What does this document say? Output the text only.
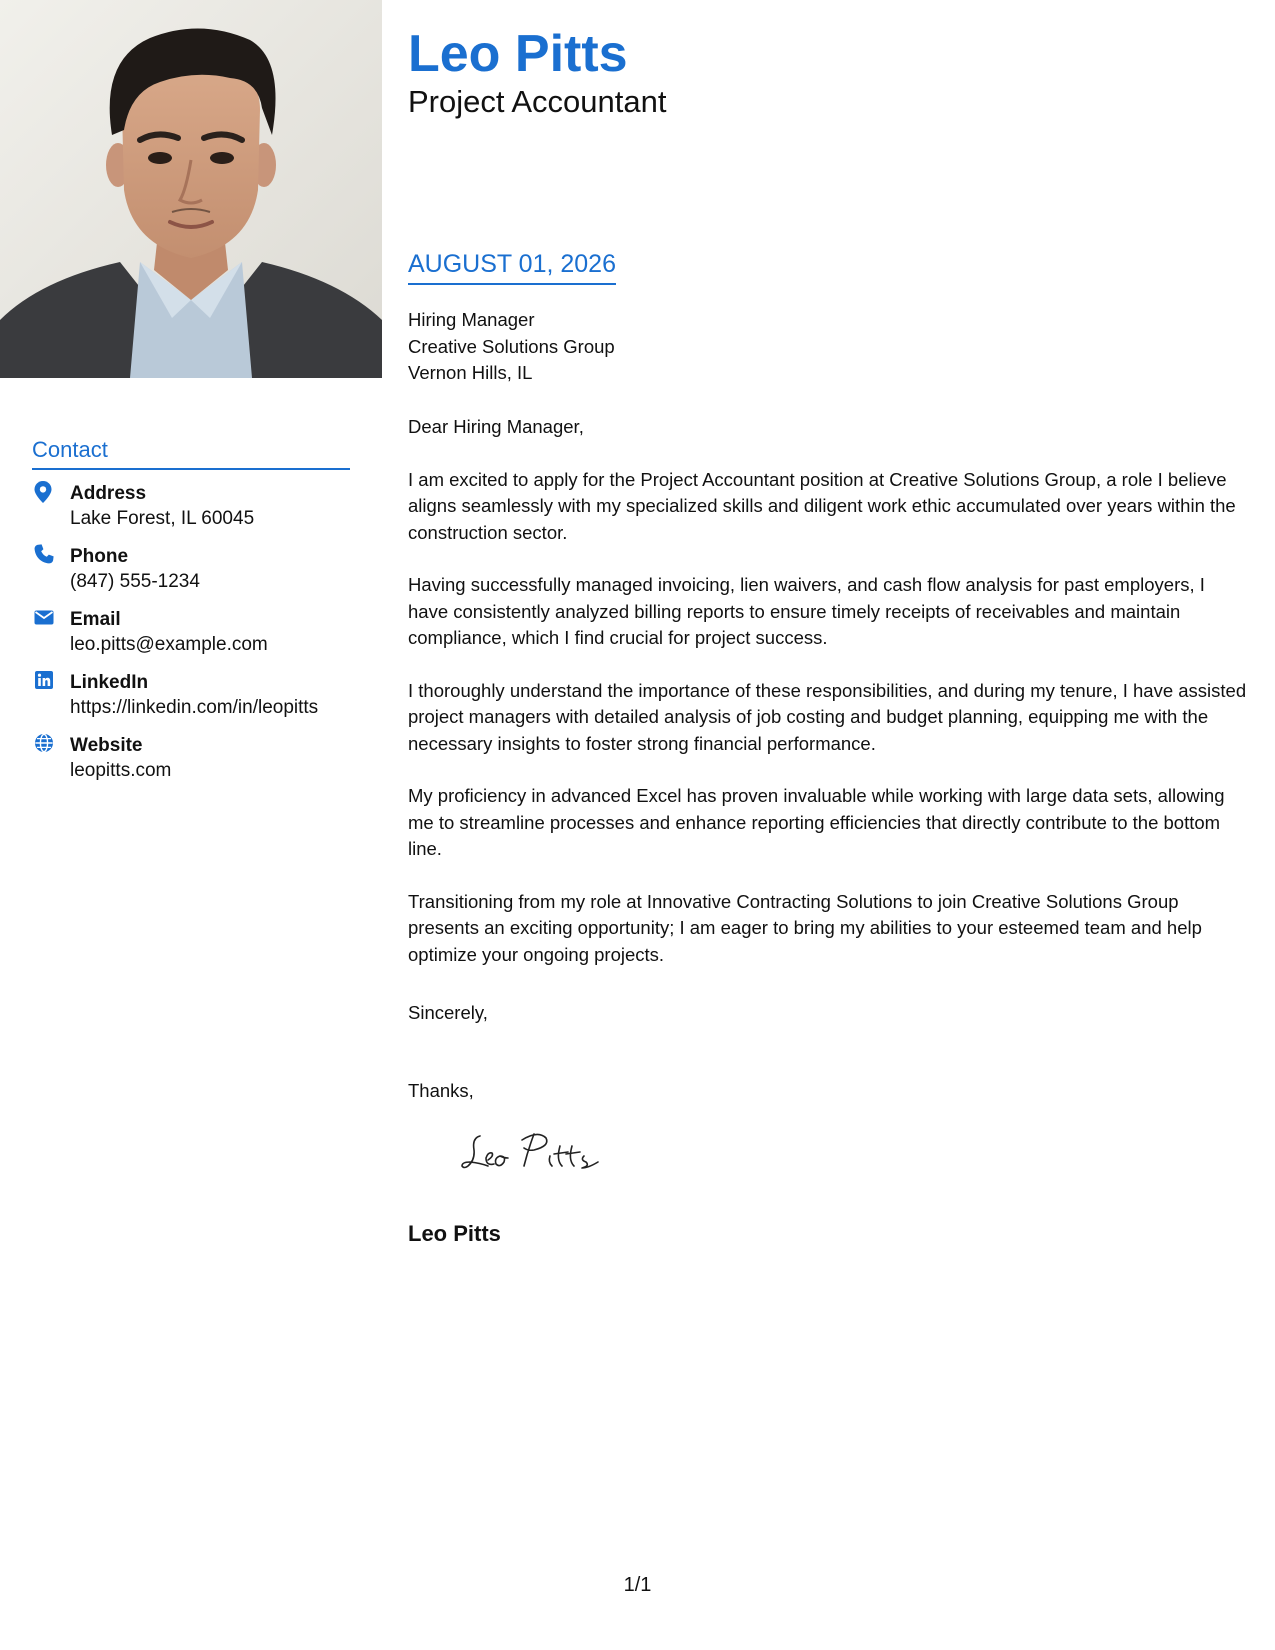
Contact
Address
Lake Forest, IL 60045
Phone
(847) 555-1234
Email
leo.pitts@example.com
LinkedIn
https://linkedin.com/in/leopitts
Website
leopitts.com
Leo Pitts
Project Accountant
AUGUST 01, 2026
Hiring Manager
Creative Solutions Group
Vernon Hills, IL

Dear Hiring Manager,

I am excited to apply for the Project Accountant position at Creative Solutions Group, a role I believe aligns seamlessly with my specialized skills and diligent work ethic accumulated over years within the construction sector.

Having successfully managed invoicing, lien waivers, and cash flow analysis for past employers, I have consistently analyzed billing reports to ensure timely receipts of receivables and maintain compliance, which I find crucial for project success.

I thoroughly understand the importance of these responsibilities, and during my tenure, I have assisted project managers with detailed analysis of job costing and budget planning, equipping me with the necessary insights to foster strong financial performance.

My proficiency in advanced Excel has proven invaluable while working with large data sets, allowing me to streamline processes and enhance reporting efficiencies that directly contribute to the bottom line.

Transitioning from my role at Innovative Contracting Solutions to join Creative Solutions Group presents an exciting opportunity; I am eager to bring my abilities to your esteemed team and help optimize your ongoing projects.

Sincerely,
Thanks,
Leo Pitts
1/1
